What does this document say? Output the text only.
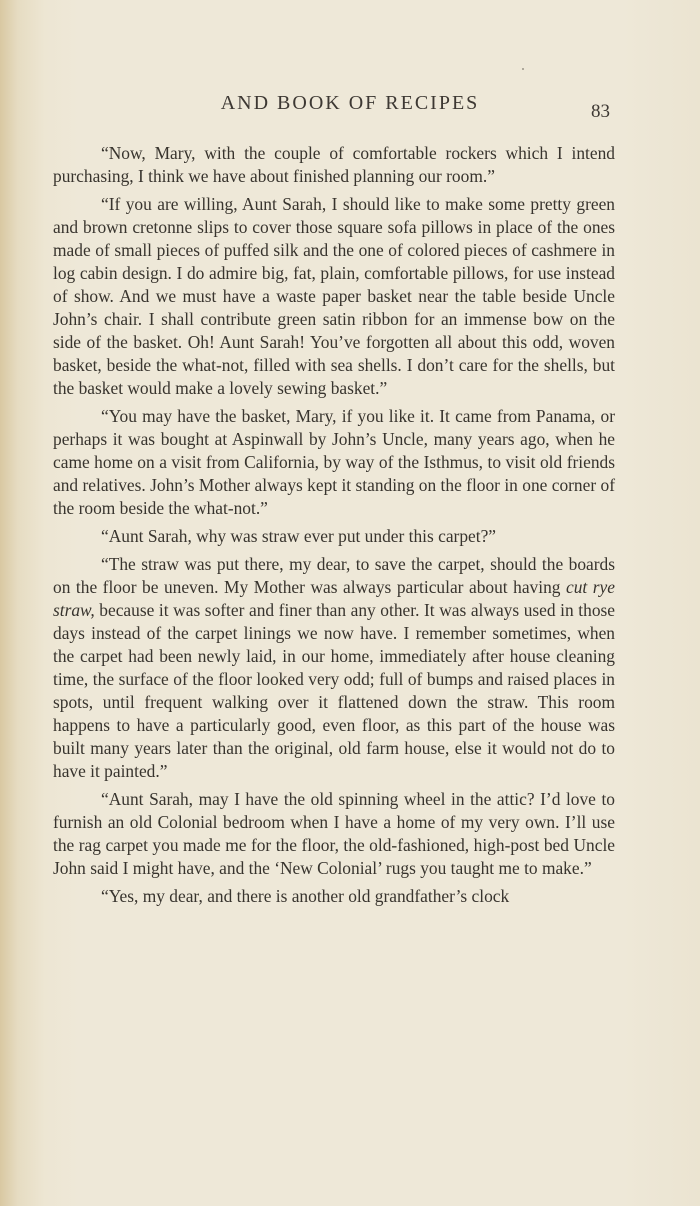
AND BOOK OF RECIPES	83

“Now, Mary, with the couple of comfortable rockers which I intend purchasing, I think we have about finished planning our room.”

“If you are willing, Aunt Sarah, I should like to make some pretty green and brown cretonne slips to cover those square sofa pillows in place of the ones made of small pieces of puffed silk and the one of colored pieces of cashmere in log cabin design. I do admire big, fat, plain, comfortable pillows, for use instead of show. And we must have a waste paper basket near the table beside Uncle John’s chair. I shall contribute green satin ribbon for an immense bow on the side of the basket. Oh! Aunt Sarah! You’ve forgotten all about this odd, woven basket, beside the what-not, filled with sea shells. I don’t care for the shells, but the basket would make a lovely sewing basket.”

“You may have the basket, Mary, if you like it. It came from Panama, or perhaps it was bought at Aspinwall by John’s Uncle, many years ago, when he came home on a visit from California, by way of the Isthmus, to visit old friends and relatives. John’s Mother always kept it standing on the floor in one corner of the room beside the what-not.”

“Aunt Sarah, why was straw ever put under this carpet?”

“The straw was put there, my dear, to save the carpet, should the boards on the floor be uneven. My Mother was always particular about having cut rye straw, because it was softer and finer than any other. It was always used in those days instead of the carpet linings we now have. I remember sometimes, when the carpet had been newly laid, in our home, immediately after house cleaning time, the surface of the floor looked very odd; full of bumps and raised places in spots, until frequent walking over it flattened down the straw. This room happens to have a particularly good, even floor, as this part of the house was built many years later than the original, old farm house, else it would not do to have it painted.”

“Aunt Sarah, may I have the old spinning wheel in the attic? I’d love to furnish an old Colonial bedroom when I have a home of my very own. I’ll use the rag carpet you made me for the floor, the old-fashioned, high-post bed Uncle John said I might have, and the ‘New Colonial’ rugs you taught me to make.”

“Yes, my dear, and there is another old grandfather’s clock
